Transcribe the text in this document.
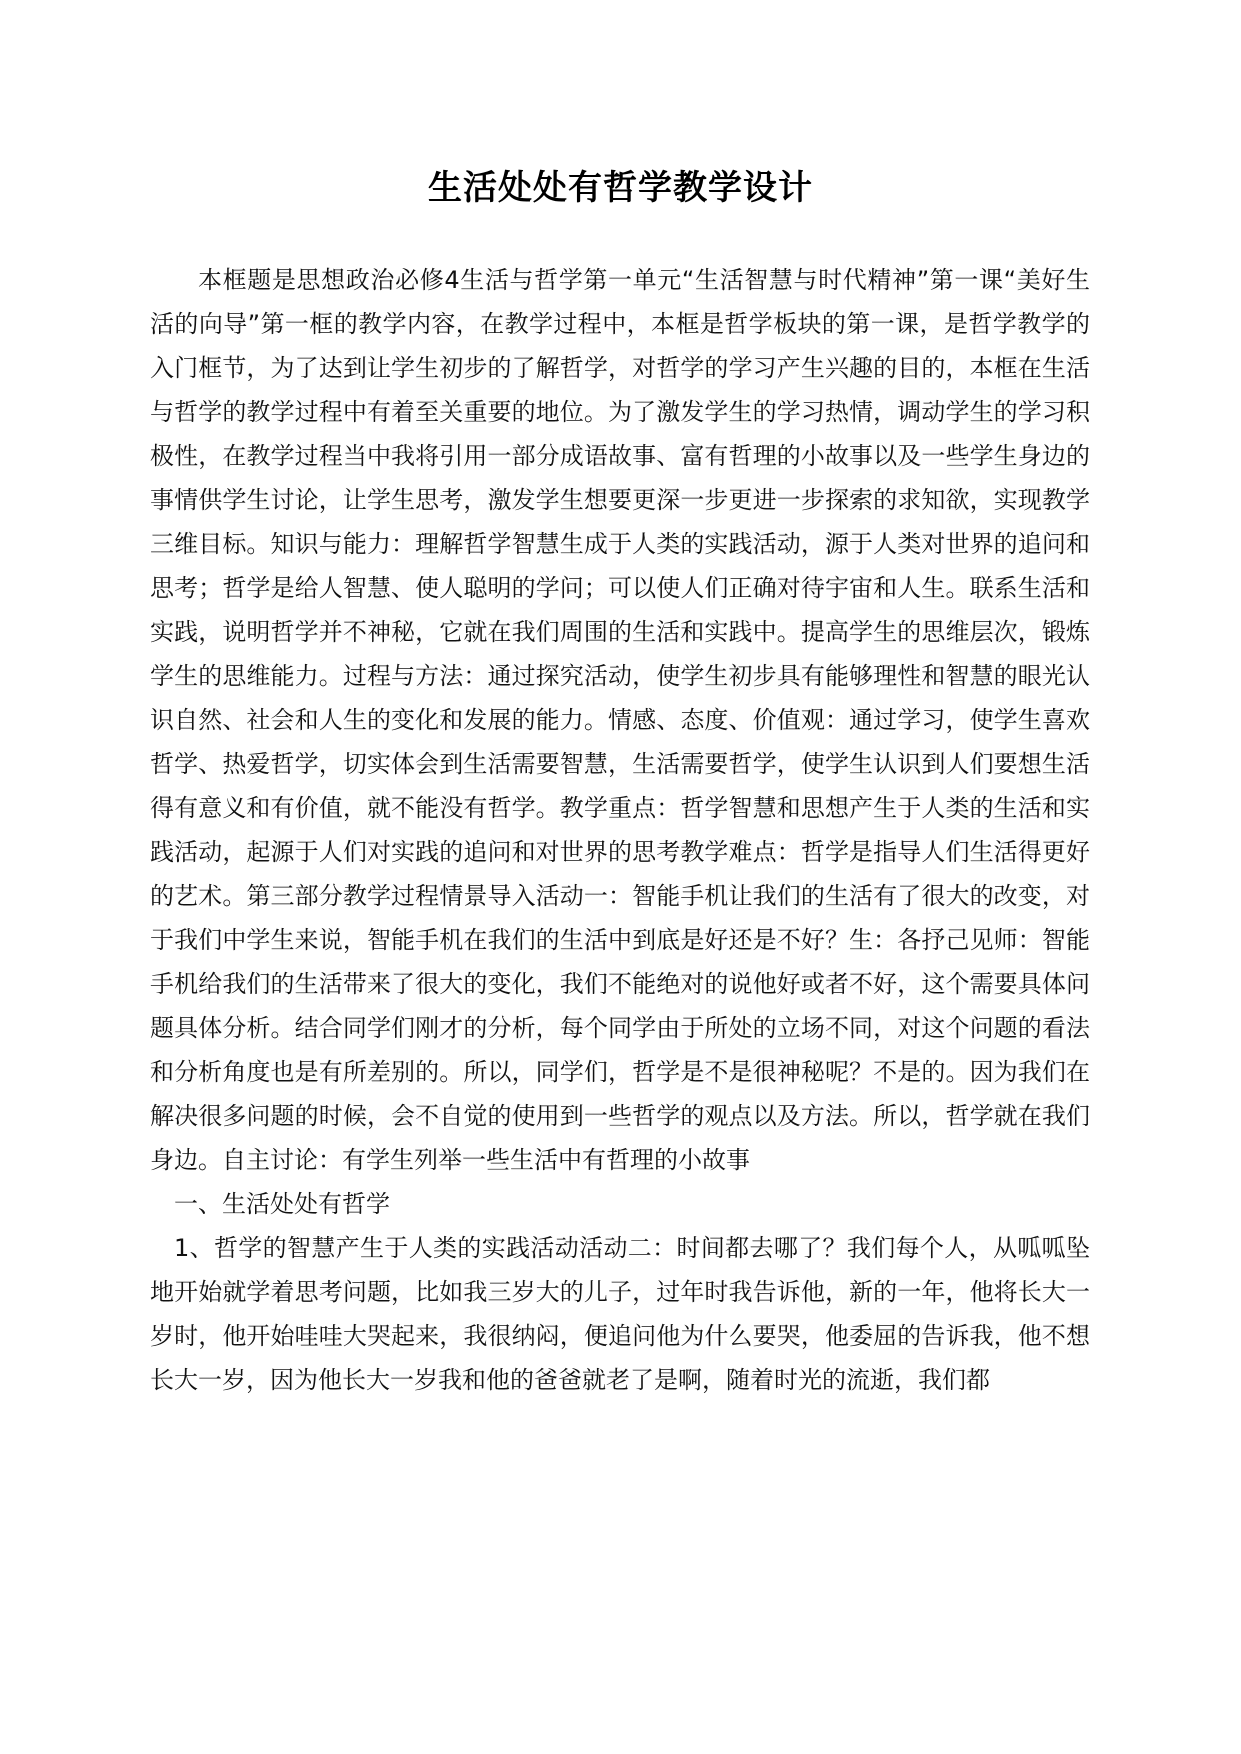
生活处处有哲学教学设计

本框题是思想政治必修4生活与哲学第一单元“生活智慧与时代精神”第一课“美好生活的向导”第一框的教学内容，在教学过程中，本框是哲学板块的第一课，是哲学教学的入门框节，为了达到让学生初步的了解哲学，对哲学的学习产生兴趣的目的，本框在生活与哲学的教学过程中有着至关重要的地位。为了激发学生的学习热情，调动学生的学习积极性，在教学过程当中我将引用一部分成语故事、富有哲理的小故事以及一些学生身边的事情供学生讨论，让学生思考，激发学生想要更深一步更进一步探索的求知欲，实现教学三维目标。知识与能力：理解哲学智慧生成于人类的实践活动，源于人类对世界的追问和思考；哲学是给人智慧、使人聪明的学问；可以使人们正确对待宇宙和人生。联系生活和实践，说明哲学并不神秘，它就在我们周围的生活和实践中。提高学生的思维层次，锻炼学生的思维能力。过程与方法：通过探究活动，使学生初步具有能够理性和智慧的眼光认识自然、社会和人生的变化和发展的能力。情感、态度、价值观：通过学习，使学生喜欢哲学、热爱哲学，切实体会到生活需要智慧，生活需要哲学，使学生认识到人们要想生活得有意义和有价值，就不能没有哲学。教学重点：哲学智慧和思想产生于人类的生活和实践活动，起源于人们对实践的追问和对世界的思考教学难点：哲学是指导人们生活得更好的艺术。第三部分教学过程情景导入活动一：智能手机让我们的生活有了很大的改变，对于我们中学生来说，智能手机在我们的生活中到底是好还是不好？生：各抒己见师：智能手机给我们的生活带来了很大的变化，我们不能绝对的说他好或者不好，这个需要具体问题具体分析。结合同学们刚才的分析，每个同学由于所处的立场不同，对这个问题的看法和分析角度也是有所差别的。所以，同学们，哲学是不是很神秘呢？不是的。因为我们在解决很多问题的时候，会不自觉的使用到一些哲学的观点以及方法。所以，哲学就在我们身边。自主讨论：有学生列举一些生活中有哲理的小故事

一、生活处处有哲学

1、哲学的智慧产生于人类的实践活动活动二：时间都去哪了？我们每个人，从呱呱坠地开始就学着思考问题，比如我三岁大的儿子，过年时我告诉他，新的一年，他将长大一岁时，他开始哇哇大哭起来，我很纳闷，便追问他为什么要哭，他委屈的告诉我，他不想长大一岁，因为他长大一岁我和他的爸爸就老了是啊，随着时光的流逝，我们都
